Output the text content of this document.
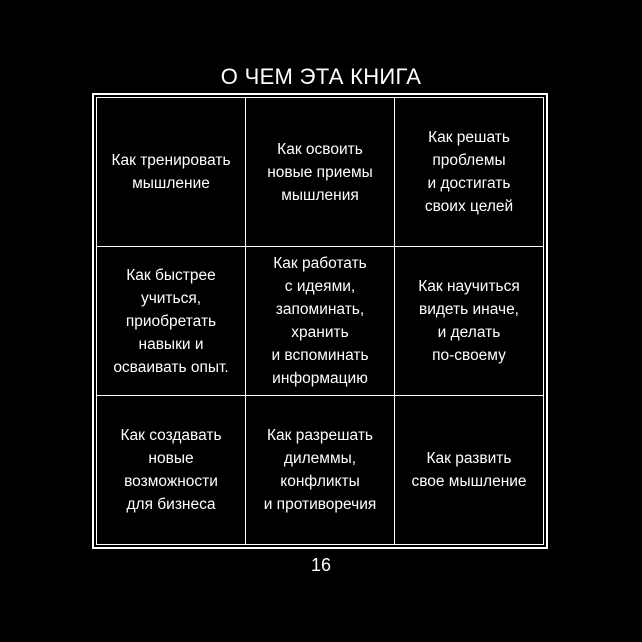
О ЧЕМ ЭТА КНИГА
Как тренировать
мышление
Как освоить
новые приемы
мышления
Как решать
проблемы
и достигать
своих целей
Как быстрее
учиться,
приобретать
навыки и
осваивать опыт.
Как работать
с идеями,
запоминать,
хранить
и вспоминать
информацию
Как научиться
видеть иначе,
и делать
по-своему
Как создавать
новые
возможности
для бизнеса
Как разрешать
дилеммы,
конфликты
и противоречия
Как развить
свое мышление
16
